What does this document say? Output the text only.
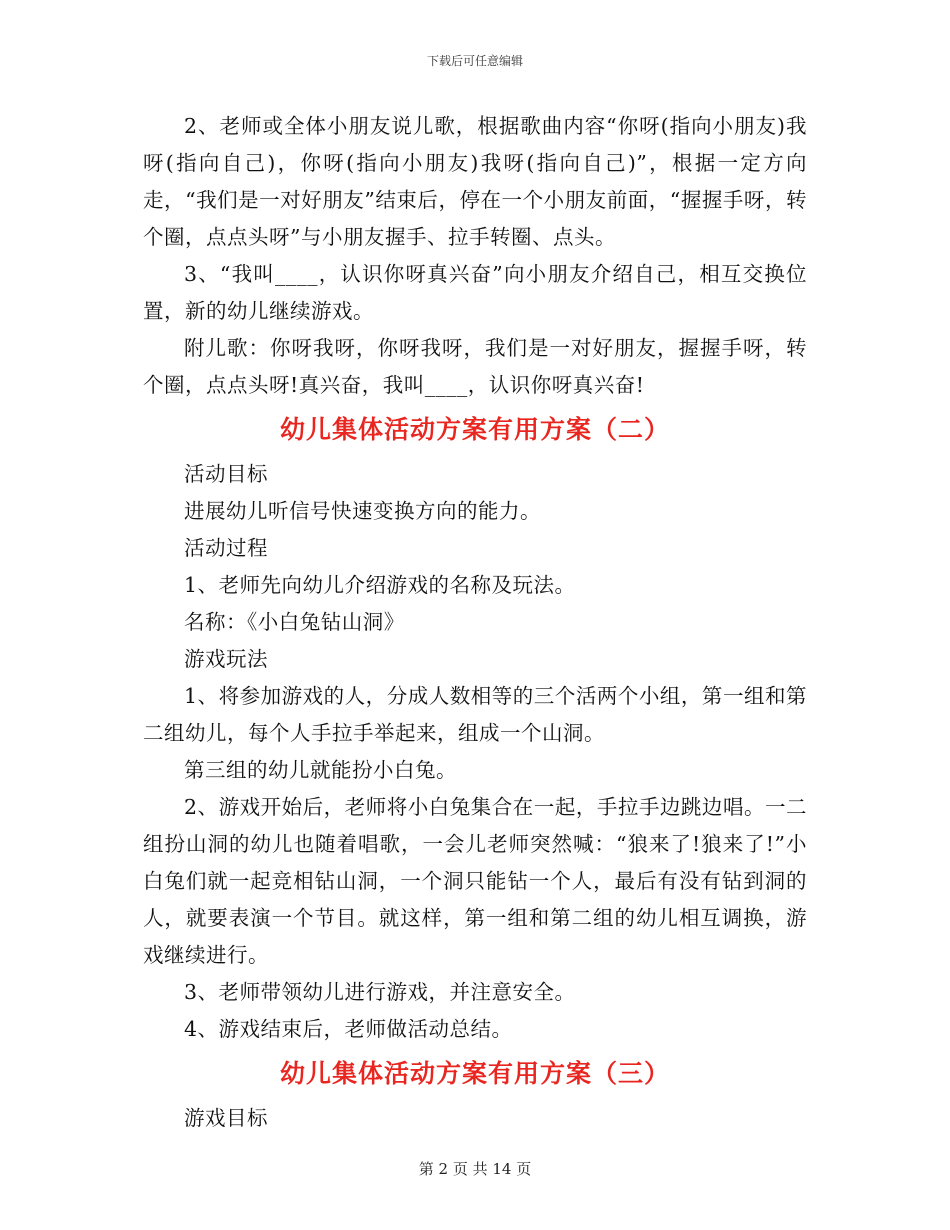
下载后可任意编辑

2、老师或全体小朋友说儿歌，根据歌曲内容“你呀(指向小朋友)我呀(指向自己)，你呀(指向小朋友)我呀(指向自己)”，根据一定方向走，“我们是一对好朋友”结束后，停在一个小朋友前面，“握握手呀，转个圈，点点头呀”与小朋友握手、拉手转圈、点头。

3、“我叫____，认识你呀真兴奋”向小朋友介绍自己，相互交换位置，新的幼儿继续游戏。

附儿歌：你呀我呀，你呀我呀，我们是一对好朋友，握握手呀，转个圈，点点头呀!真兴奋，我叫____，认识你呀真兴奋!

幼儿集体活动方案有用方案（二）

活动目标

进展幼儿听信号快速变换方向的能力。

活动过程

1、老师先向幼儿介绍游戏的名称及玩法。

名称：《小白兔钻山洞》

游戏玩法

1、将参加游戏的人，分成人数相等的三个活两个小组，第一组和第二组幼儿，每个人手拉手举起来，组成一个山洞。

第三组的幼儿就能扮小白兔。

2、游戏开始后，老师将小白兔集合在一起，手拉手边跳边唱。一二组扮山洞的幼儿也随着唱歌，一会儿老师突然喊：“狼来了!狼来了!”小白兔们就一起竞相钻山洞，一个洞只能钻一个人，最后有没有钻到洞的人，就要表演一个节目。就这样，第一组和第二组的幼儿相互调换，游戏继续进行。

3、老师带领幼儿进行游戏，并注意安全。

4、游戏结束后，老师做活动总结。

幼儿集体活动方案有用方案（三）

游戏目标

第 2 页 共 14 页
